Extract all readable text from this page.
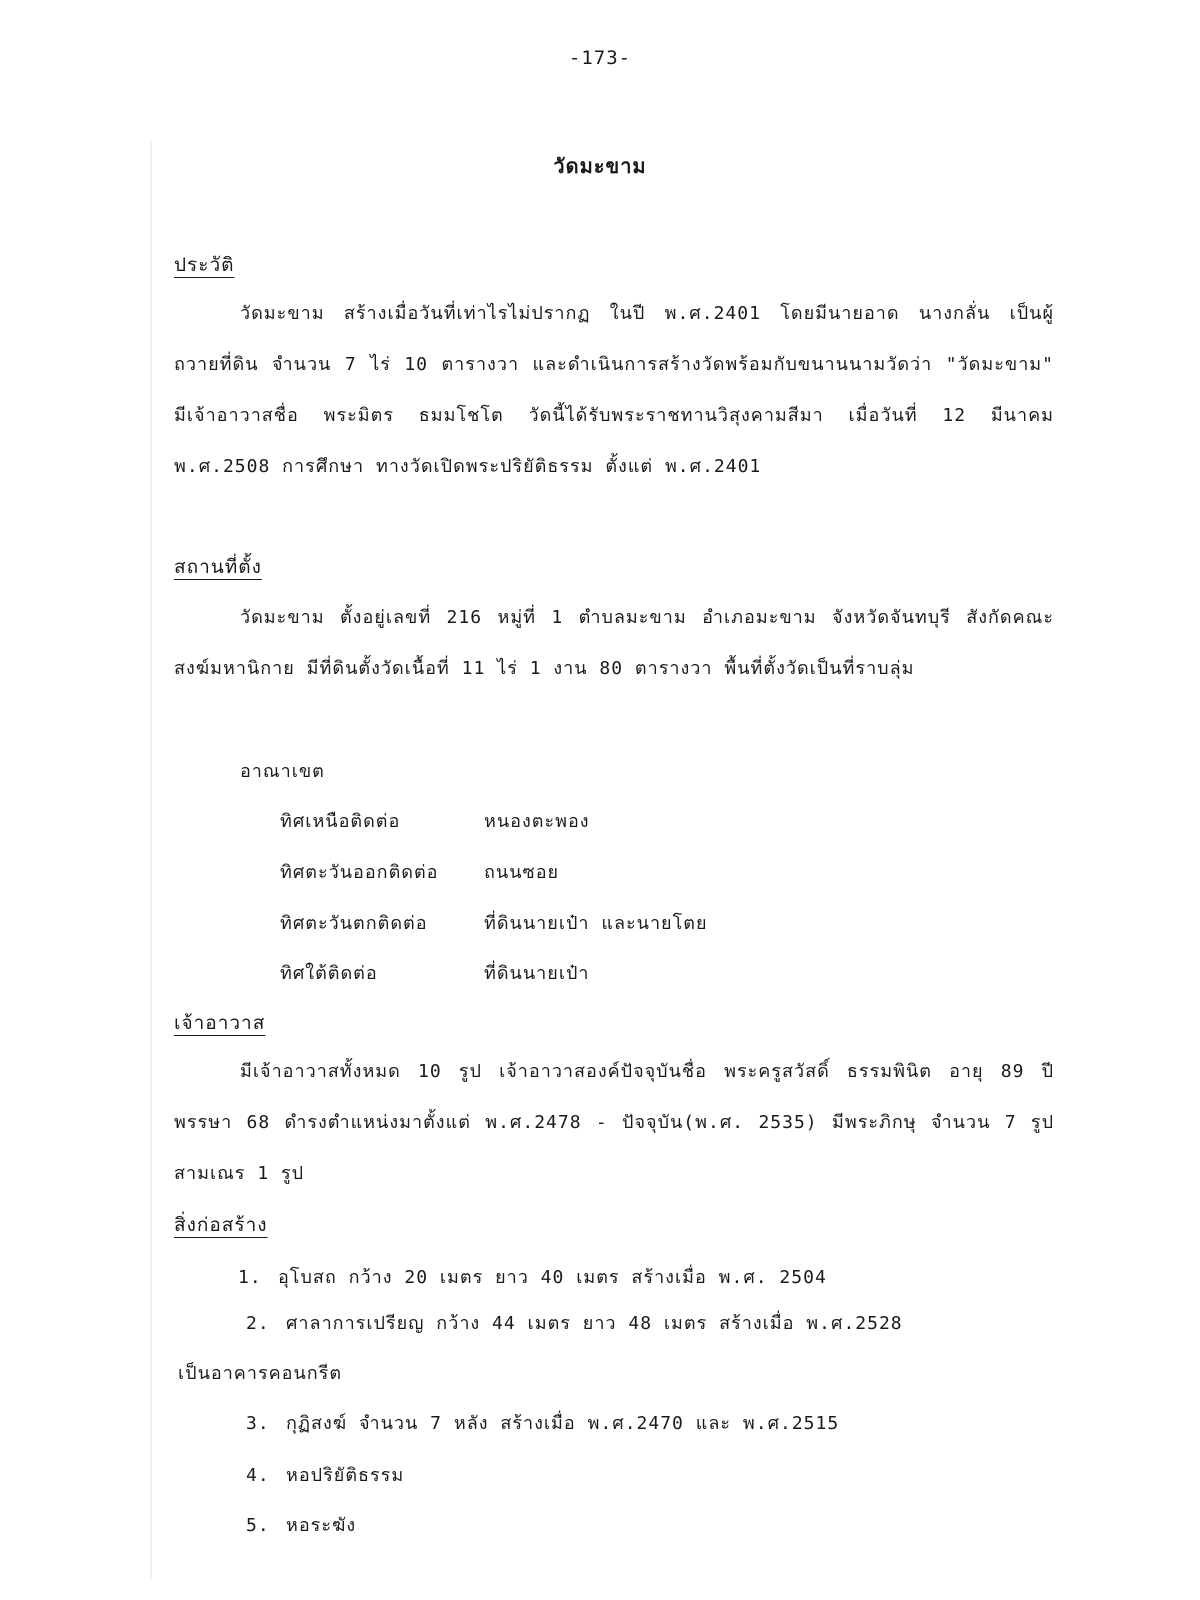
-173-
วัดมะขาม
ประวัติ

วัดมะขาม สร้างเมื่อวันที่เท่าไรไม่ปรากฏ ในปี พ.ศ.2401 โดยมีนายอาด นางกลั่น เป็นผู้ถวายที่ดิน จำนวน 7 ไร่ 10 ตารางวา และดำเนินการสร้างวัดพร้อมกับขนานนามวัดว่า "วัดมะขาม" มีเจ้าอาวาสชื่อ พระมิตร ธมมโชโต วัดนี้ได้รับพระราชทานวิสุงคามสีมา เมื่อวันที่ 12 มีนาคม พ.ศ.2508 การศึกษา ทางวัดเปิดพระปริยัติธรรม ตั้งแต่ พ.ศ.2401

สถานที่ตั้ง

วัดมะขาม ตั้งอยู่เลขที่ 216 หมู่ที่ 1 ตำบลมะขาม อำเภอมะขาม จังหวัดจันทบุรี สังกัดคณะสงฆ์มหานิกาย มีที่ดินตั้งวัดเนื้อที่ 11 ไร่ 1 งาน 80 ตารางวา พื้นที่ตั้งวัดเป็นที่ราบลุ่ม

อาณาเขต
ทิศเหนือติดต่อ	หนองตะพอง
ทิศตะวันออกติดต่อ	ถนนซอย
ทิศตะวันตกติดต่อ	ที่ดินนายเป๋า และนายโตย
ทิศใต้ติดต่อ	ที่ดินนายเป๋า
เจ้าอาวาส

มีเจ้าอาวาสทั้งหมด 10 รูป เจ้าอาวาสองค์ปัจจุบันชื่อ พระครูสวัสดิ์ ธรรมพินิต อายุ 89 ปี พรรษา 68 ดำรงตำแหน่งมาตั้งแต่ พ.ศ.2478 - ปัจจุบัน(พ.ศ. 2535) มีพระภิกษุ จำนวน 7 รูป สามเณร 1 รูป

สิ่งก่อสร้าง
1. อุโบสถ กว้าง 20 เมตร ยาว 40 เมตร สร้างเมื่อ พ.ศ. 2504
2. ศาลาการเปรียญ กว้าง 44 เมตร ยาว 48 เมตร สร้างเมื่อ พ.ศ.2528
เป็นอาคารคอนกรีต
3. กุฏิสงฆ์ จำนวน 7 หลัง สร้างเมื่อ พ.ศ.2470 และ พ.ศ.2515
4. หอปริยัติธรรม
5. หอระฆัง
